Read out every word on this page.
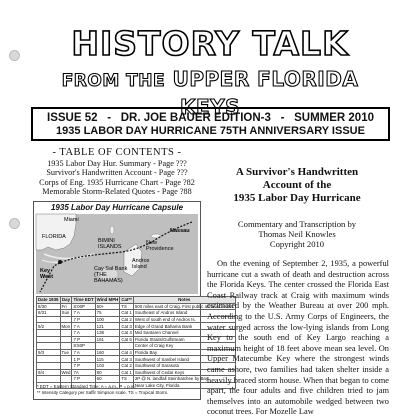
HISTORY TALK
FROM THE UPPER FLORIDA KEYS
ISSUE 52 - DR. JOE BAUER EDITION-3 - SUMMER 2010
1935 LABOR DAY HURRICANE 75TH ANNIVERSARY ISSUE
- TABLE OF CONTENTS -
1935 Labor Day Hur. Summary - Page ???
Survivor's Handwritten Account - Page ???
Corps of Eng. 1935 Hurricane Chart - Page ?82
Memorable Storm-Related Quotes - Page ?88
1935 Labor Day Hurricane Capsule
Miami
BIMINI ISLANDS
New Providence
Nassau
Andros Island
Key West
Cay Sal Bank (THE BAHAMAS)
FLORIDA
Date 1935	Day	Time EDT	Wind MPH	Cat**	Notes
8/30	Fri	8:00P	50+	TS	500 miles east of Craig. First public announcement
8/31	Sun	7 A	75	Cat 1	Southeast of Andros Island
		7 P	100	Cat 2	West of south end of Andros Is.
9/2	Mon	7 A	121	Cat 3	Edge of Grand Bahama Bank
		7 A	138	Cat 4	Mid Santaren Channel
		7 P	161	Cat 5	Florida Straits/Gulfstream
		8:50P			Center of Craig Key
9/3	Tue	7 A	160	Cat 4	Florida Bay
		1 P	115	Cat 3	Southwest of Sanibel Island
		7 P	103	Cat 2	Southwest of Sarasota
9/4	Wed	7A	80	Cat 1	Southwest of Cedar Keys
		7 P	60	TS	2P @ N. landfall Steinhatchee by Bay
					Near Lake City, Florida
* EDT = Eastern Standard Time; A = a.m., P = p.m.
** Intensity Category per Saffir Simpson scale. TS = Tropical Storm.
A Survivor's Handwritten
Account of the
1935 Labor Day Hurricane
Commentary and Transcription by
Thomas Neil Knowles
Copyright 2010
On the evening of September 2, 1935, a powerful hurricane cut a swath of death and destruction across the Florida Keys. The center crossed the Florida East Coast Railway track at Craig with maximum winds estimated by the Weather Bureau at over 200 mph. According to the U.S. Army Corps of Engineers, the water surged across the low-lying islands from Long Key to the south end of Key Largo reaching a maximum height of 18 feet above mean sea level. On Upper Matecumbe Key where the strongest winds came ashore, two families had taken shelter inside a heavily braced storm house. When that began to come apart, the four adults and five children tried to jam themselves into an automobile wedged between two coconut trees. For Mozelle Law
